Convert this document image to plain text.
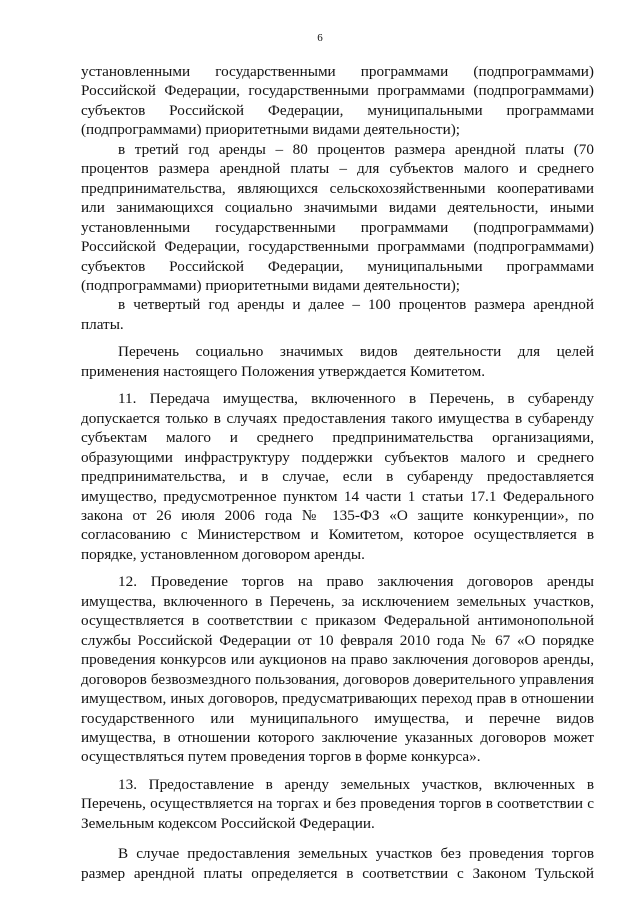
6

установленными государственными программами (подпрограммами) Российской Федерации, государственными программами (подпрограммами) субъектов Российской Федерации, муниципальными программами (подпрограммами) приоритетными видами деятельности);

в третий год аренды – 80 процентов размера арендной платы (70 процентов размера арендной платы – для субъектов малого и среднего предпринимательства, являющихся сельскохозяйственными кооперативами или занимающихся социально значимыми видами деятельности, иными установленными государственными программами (подпрограммами) Российской Федерации, государственными программами (подпрограммами) субъектов Российской Федерации, муниципальными программами (подпрограммами) приоритетными видами деятельности);

в четвертый год аренды и далее – 100 процентов размера арендной платы.

Перечень социально значимых видов деятельности для целей применения настоящего Положения утверждается Комитетом.

11. Передача имущества, включенного в Перечень, в субаренду допускается только в случаях предоставления такого имущества в субаренду субъектам малого и среднего предпринимательства организациями, образующими инфраструктуру поддержки субъектов малого и среднего предпринимательства, и в случае, если в субаренду предоставляется имущество, предусмотренное пунктом 14 части 1 статьи 17.1 Федерального закона от 26 июля 2006 года № 135-ФЗ «О защите конкуренции», по согласованию с Министерством и Комитетом, которое осуществляется в порядке, установленном договором аренды.

12. Проведение торгов на право заключения договоров аренды имущества, включенного в Перечень, за исключением земельных участков, осуществляется в соответствии с приказом Федеральной антимонопольной службы Российской Федерации от 10 февраля 2010 года № 67 «О порядке проведения конкурсов или аукционов на право заключения договоров аренды, договоров безвозмездного пользования, договоров доверительного управления имуществом, иных договоров, предусматривающих переход прав в отношении государственного или муниципального имущества, и перечне видов имущества, в отношении которого заключение указанных договоров может осуществляться путем проведения торгов в форме конкурса».

13. Предоставление в аренду земельных участков, включенных в Перечень, осуществляется на торгах и без проведения торгов в соответствии с Земельным кодексом Российской Федерации.

В случае предоставления земельных участков без проведения торгов размер арендной платы определяется в соответствии с Законом Тульской
